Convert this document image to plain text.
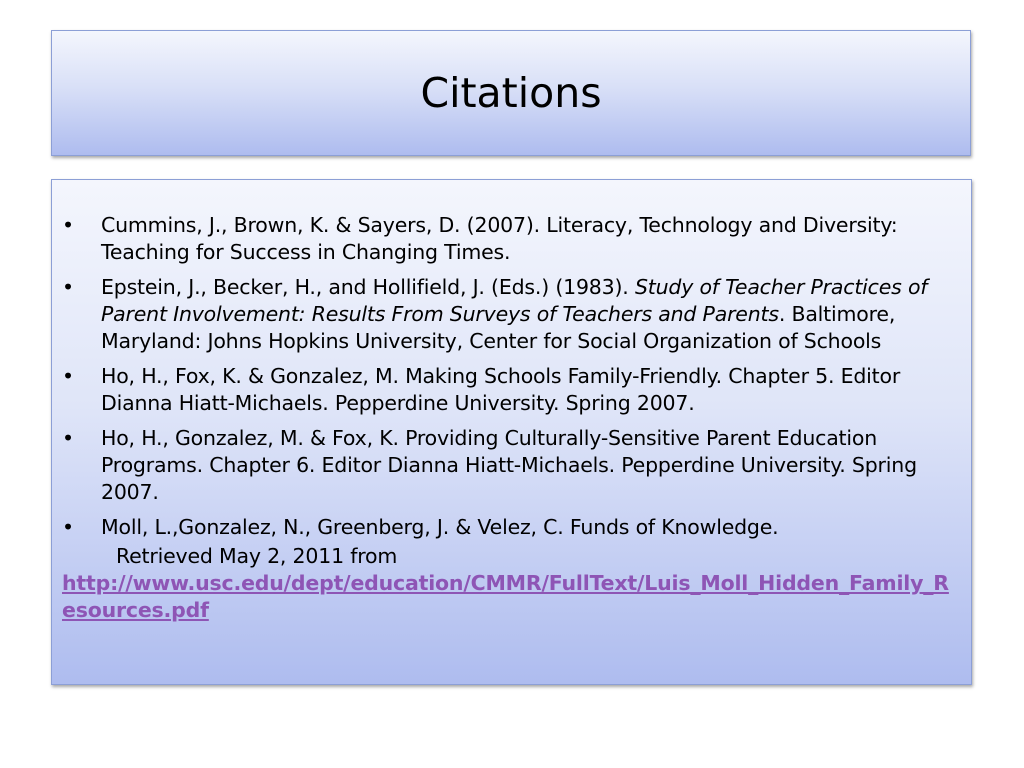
Citations
•	Cummins, J., Brown, K. & Sayers, D. (2007). Literacy, Technology and Diversity: Teaching for Success in Changing Times.
•	Epstein, J., Becker, H., and Hollifield, J. (Eds.) (1983). Study of Teacher Practices of Parent Involvement: Results From Surveys of Teachers and Parents. Baltimore, Maryland: Johns Hopkins University, Center for Social Organization of Schools
•	Ho, H., Fox, K. & Gonzalez, M. Making Schools Family-Friendly. Chapter 5. Editor Dianna Hiatt-Michaels. Pepperdine University. Spring 2007.
•	Ho, H., Gonzalez, M. & Fox, K. Providing Culturally-Sensitive Parent Education Programs. Chapter 6. Editor Dianna Hiatt-Michaels. Pepperdine University. Spring 2007.
•	Moll, L.,Gonzalez, N., Greenberg, J. & Velez, C. Funds of Knowledge.

Retrieved May 2, 2011 from

http://www.usc.edu/dept/education/CMMR/FullText/Luis_Moll_Hidden_Family_Resources.pdf
